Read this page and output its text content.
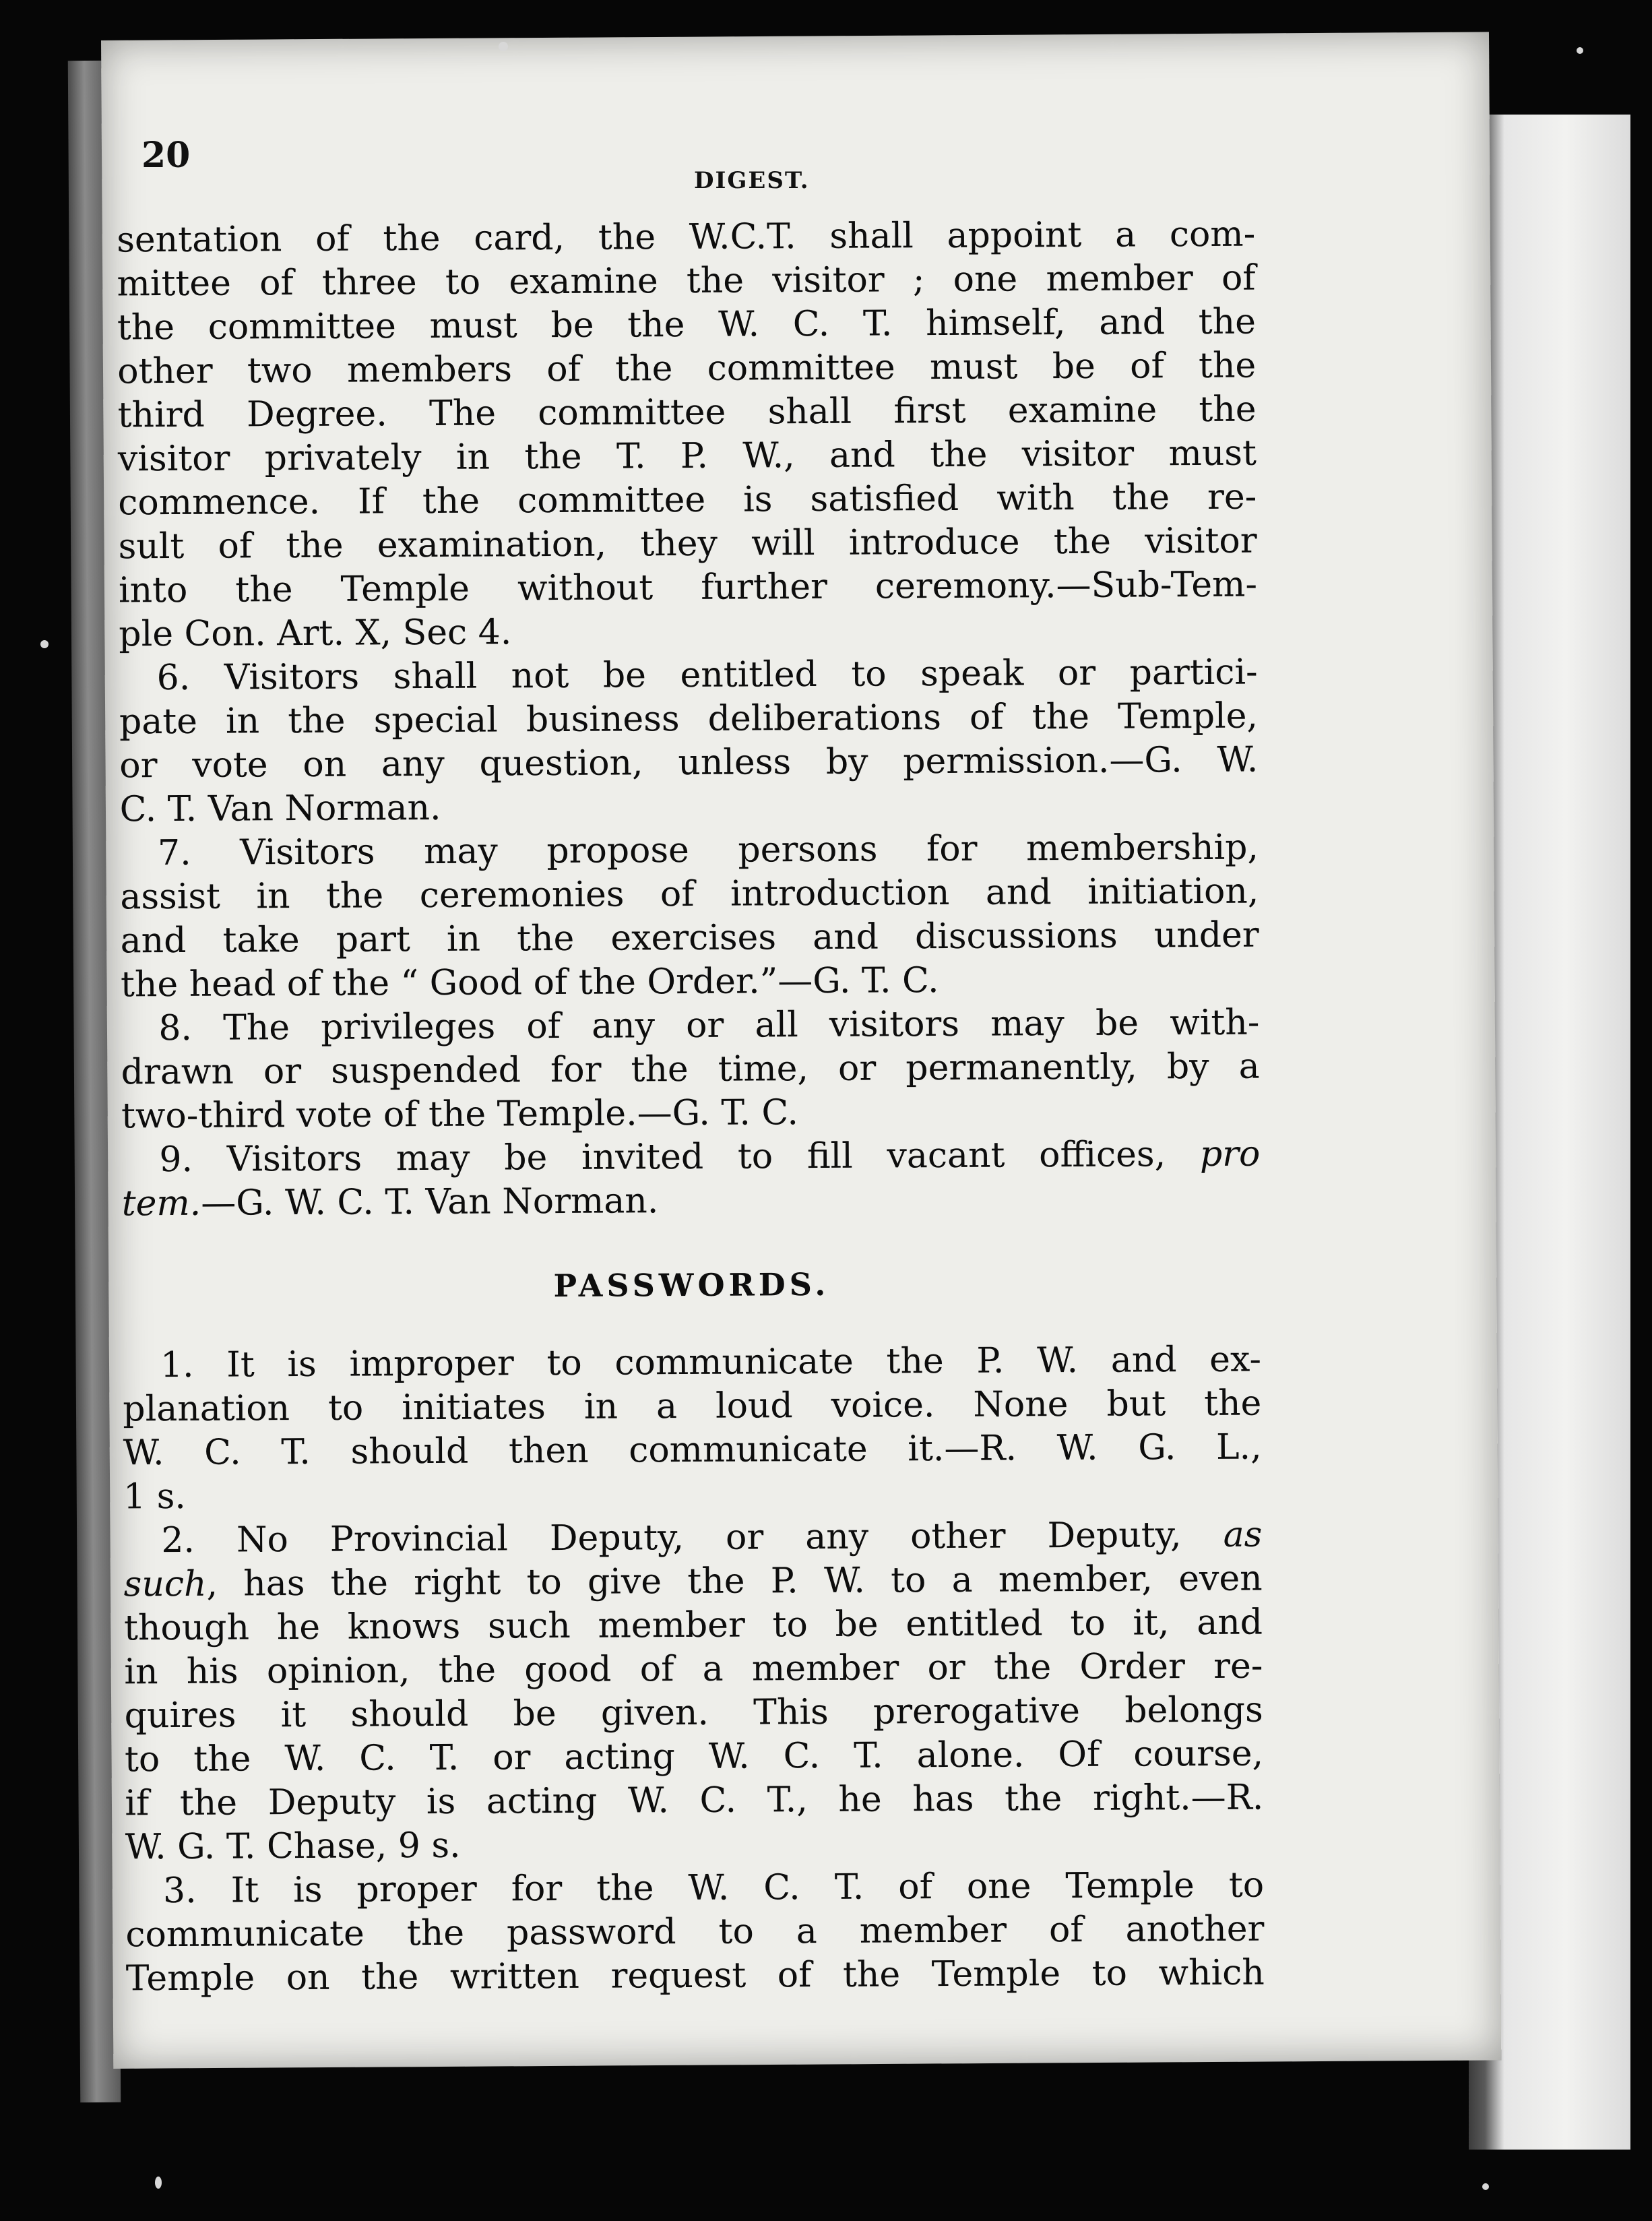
20
DIGEST.
sentation of the card, the W.C.T. shall appoint a com-
mittee of three to examine the visitor ; one member of
the committee must be the W. C. T. himself, and the
other two members of the committee must be of the
third Degree. The committee shall first examine the
visitor privately in the T. P. W., and the visitor must
commence. If the committee is satisfied with the re-
sult of the examination, they will introduce the visitor
into the Temple without further ceremony.—Sub-Tem-
ple Con. Art. X, Sec 4.
6. Visitors shall not be entitled to speak or partici-
pate in the special business deliberations of the Temple,
or vote on any question, unless by permission.—G. W.
C. T. Van Norman.
7. Visitors may propose persons for membership,
assist in the ceremonies of introduction and initiation,
and take part in the exercises and discussions under
the head of the “ Good of the Order.”—G. T. C.
8. The privileges of any or all visitors may be with-
drawn or suspended for the time, or permanently, by a
two-third vote of the Temple.—G. T. C.
9. Visitors may be invited to fill vacant offices, pro
tem.—G. W. C. T. Van Norman.
PASSWORDS.
1. It is improper to communicate the P. W. and ex-
planation to initiates in a loud voice. None but the
W. C. T. should then communicate it.—R. W. G. L.,
1 s.
2. No Provincial Deputy, or any other Deputy, as
such, has the right to give the P. W. to a member, even
though he knows such member to be entitled to it, and
in his opinion, the good of a member or the Order re-
quires it should be given. This prerogative belongs
to the W. C. T. or acting W. C. T. alone. Of course,
if the Deputy is acting W. C. T., he has the right.—R.
W. G. T. Chase, 9 s.
3. It is proper for the W. C. T. of one Temple to
communicate the password to a member of another
Temple on the written request of the Temple to which
